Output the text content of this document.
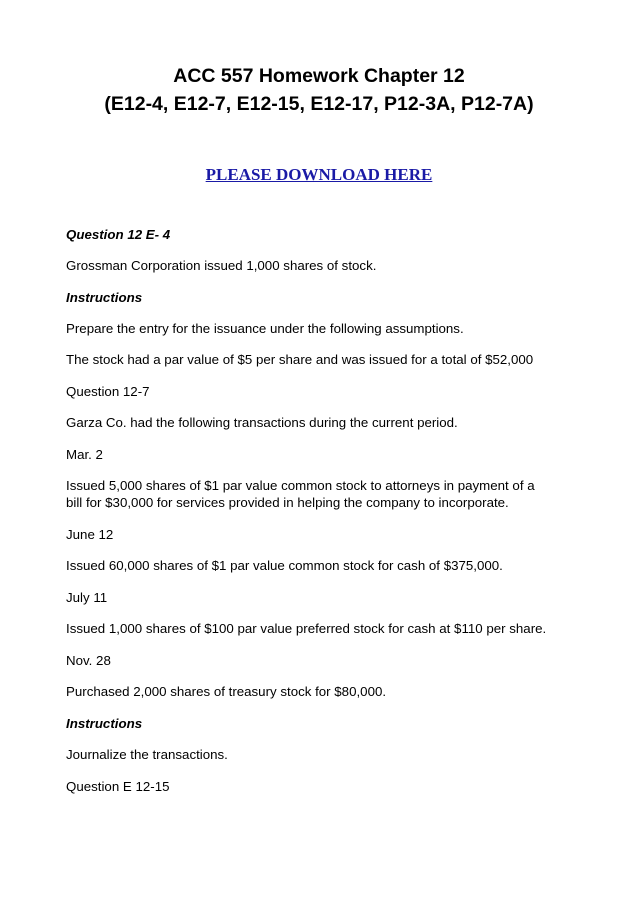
ACC 557 Homework Chapter 12
(E12-4, E12-7, E12-15, E12-17, P12-3A, P12-7A)
PLEASE DOWNLOAD HERE
Question 12 E- 4
Grossman Corporation issued 1,000 shares of stock.
Instructions
Prepare the entry for the issuance under the following assumptions.
The stock had a par value of $5 per share and was issued for a total of $52,000
Question 12-7
Garza Co. had the following transactions during the current period.
Mar. 2
Issued 5,000 shares of $1 par value common stock to attorneys in payment of a
bill for $30,000 for services provided in helping the company to incorporate.
June 12
Issued 60,000 shares of $1 par value common stock for cash of $375,000.
July 11
Issued 1,000 shares of $100 par value preferred stock for cash at $110 per share.
Nov. 28
Purchased 2,000 shares of treasury stock for $80,000.
Instructions
Journalize the transactions.
Question E 12-15
